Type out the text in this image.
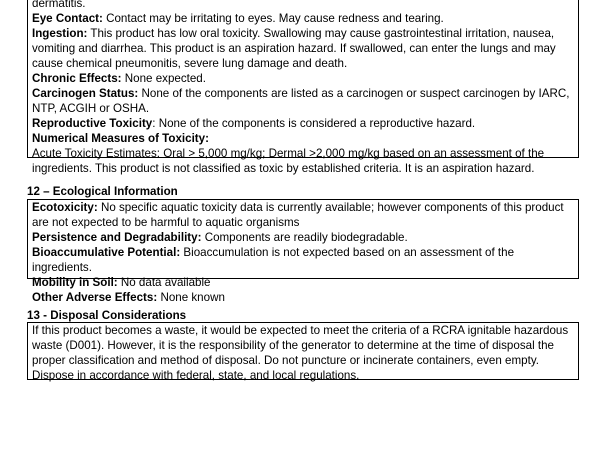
dermatitis.

Eye Contact: Contact may be irritating to eyes. May cause redness and tearing.

Ingestion: This product has low oral toxicity. Swallowing may cause gastrointestinal irritation, nausea, vomiting and diarrhea. This product is an aspiration hazard. If swallowed, can enter the lungs and may cause chemical pneumonitis, severe lung damage and death.

Chronic Effects: None expected.

Carcinogen Status: None of the components are listed as a carcinogen or suspect carcinogen by IARC, NTP, ACGIH or OSHA.

Reproductive Toxicity: None of the components is considered a reproductive hazard.

Numerical Measures of Toxicity:

Acute Toxicity Estimates: Oral > 5,000 mg/kg; Dermal >2,000 mg/kg based on an assessment of the ingredients. This product is not classified as toxic by established criteria. It is an aspiration hazard.

12 – Ecological Information

Ecotoxicity: No specific aquatic toxicity data is currently available; however components of this product are not expected to be harmful to aquatic organisms

Persistence and Degradability: Components are readily biodegradable.

Bioaccumulative Potential: Bioaccumulation is not expected based on an assessment of the ingredients.

Mobility in Soil: No data available

Other Adverse Effects: None known

13 - Disposal Considerations

If this product becomes a waste, it would be expected to meet the criteria of a RCRA ignitable hazardous waste (D001). However, it is the responsibility of the generator to determine at the time of disposal the proper classification and method of disposal. Do not puncture or incinerate containers, even empty. Dispose in accordance with federal, state, and local regulations.
